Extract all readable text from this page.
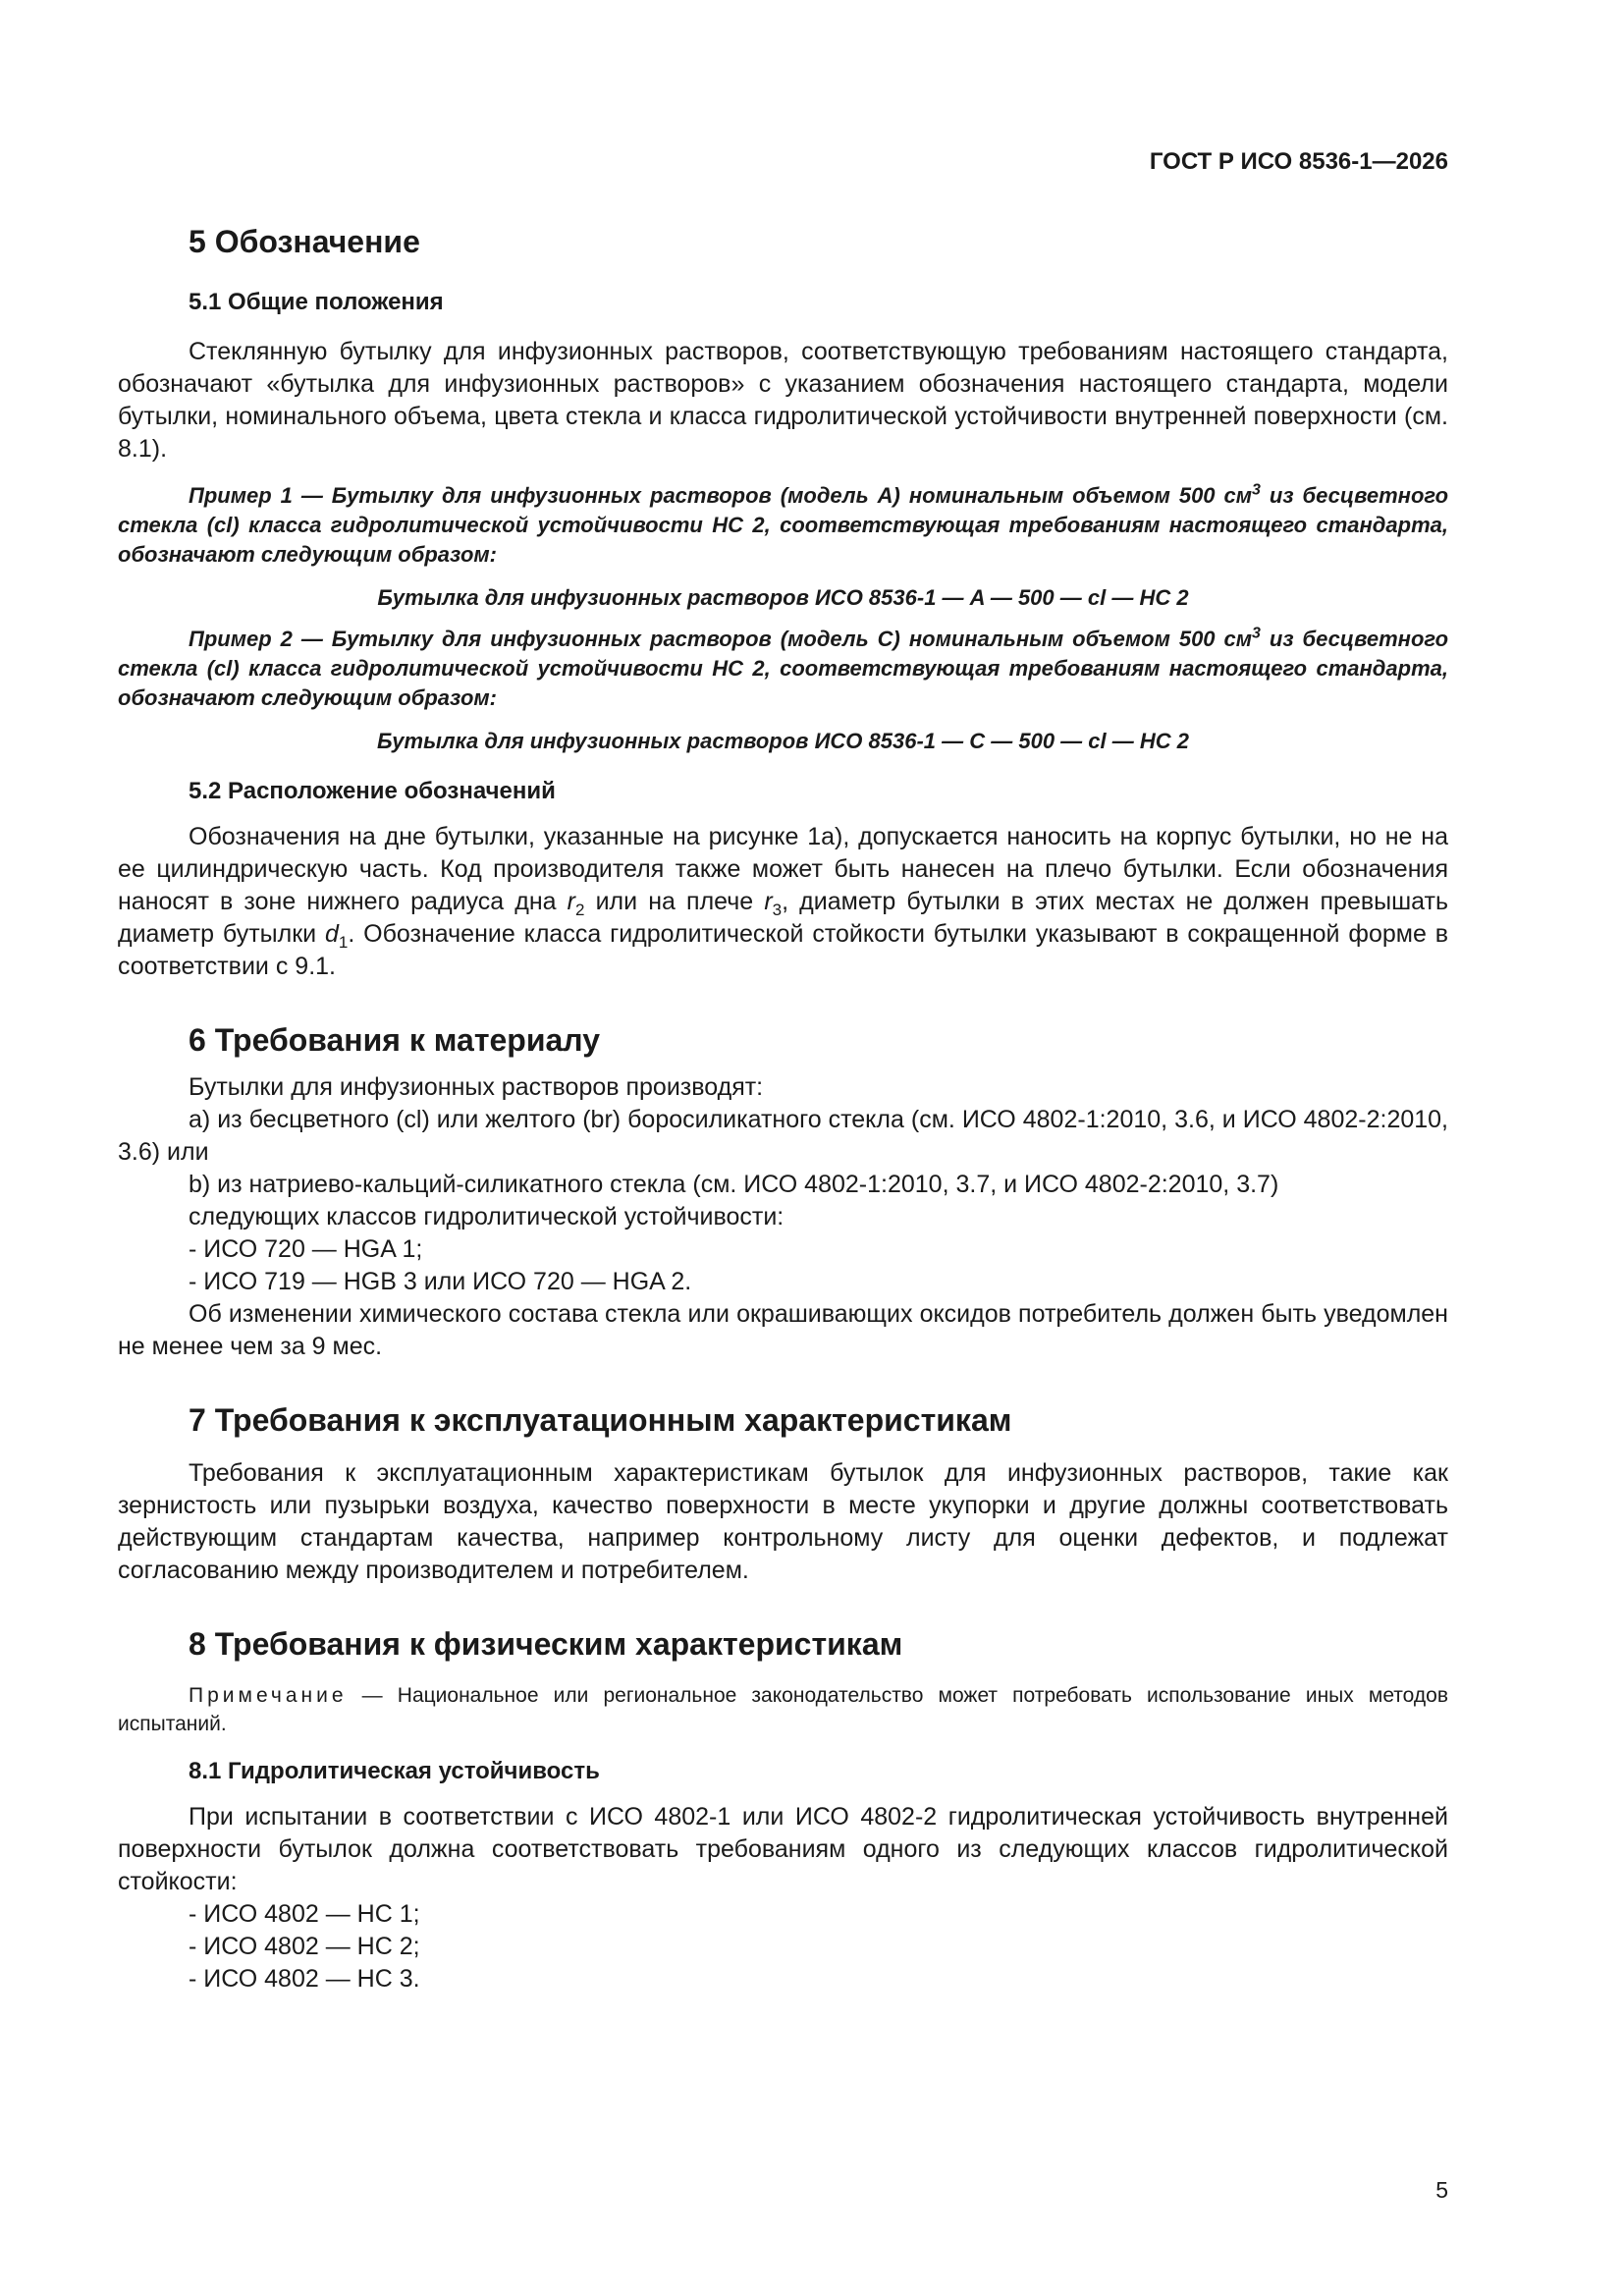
ГОСТ Р ИСО 8536-1—2026
5 Обозначение
5.1 Общие положения

Стеклянную бутылку для инфузионных растворов, соответствующую требованиям настоящего стандарта, обозначают «бутылка для инфузионных растворов» с указанием обозначения настоящего стандарта, модели бутылки, номинального объема, цвета стекла и класса гидролитической устойчивости внутренней поверхности (см. 8.1).

Пример 1 — Бутылку для инфузионных растворов (модель А) номинальным объемом 500 $см^3$ из бесцветного стекла (cl) класса гидролитической устойчивости HC 2, соответствующая требованиям настоящего стандарта, обозначают следующим образом:

Бутылка для инфузионных растворов ИСО 8536-1 — A — 500 — cl — HC 2

Пример 2 — Бутылку для инфузионных растворов (модель С) номинальным объемом 500 $см^3$ из бесцветного стекла (cl) класса гидролитической устойчивости HC 2, соответствующая требованиям настоящего стандарта, обозначают следующим образом:

Бутылка для инфузионных растворов ИСО 8536-1 — С — 500 — cl — HC 2

5.2 Расположение обозначений

Обозначения на дне бутылки, указанные на рисунке 1а), допускается наносить на корпус бутылки, но не на ее цилиндрическую часть. Код производителя также может быть нанесен на плечо бутылки. Если обозначения наносят в зоне нижнего радиуса дна $r_2$ или на плече $r_3$, диаметр бутылки в этих местах не должен превышать диаметр бутылки $d_1$. Обозначение класса гидролитической стойкости бутылки указывают в сокращенной форме в соответствии с 9.1.

6 Требования к материалу

Бутылки для инфузионных растворов производят:

а) из бесцветного (cl) или желтого (br) боросиликатного стекла (см. ИСО 4802-1:2010, 3.6, и ИСО 4802-2:2010, 3.6) или

b) из натриево-кальций-силикатного стекла (см. ИСО 4802-1:2010, 3.7, и ИСО 4802-2:2010, 3.7)

следующих классов гидролитической устойчивости:

- ИСО 720 — HGA 1;
- ИСО 719 — HGB 3 или ИСО 720 — HGA 2.

Об изменении химического состава стекла или окрашивающих оксидов потребитель должен быть уведомлен не менее чем за 9 мес.

7 Требования к эксплуатационным характеристикам

Требования к эксплуатационным характеристикам бутылок для инфузионных растворов, такие как зернистость или пузырьки воздуха, качество поверхности в месте укупорки и другие должны соответствовать действующим стандартам качества, например контрольному листу для оценки дефектов, и подлежат согласованию между производителем и потребителем.

8 Требования к физическим характеристикам

Примечание — Национальное или региональное законодательство может потребовать использование иных методов испытаний.

8.1 Гидролитическая устойчивость

При испытании в соответствии с ИСО 4802-1 или ИСО 4802-2 гидролитическая устойчивость внутренней поверхности бутылок должна соответствовать требованиям одного из следующих классов гидролитической стойкости:

- ИСО 4802 — HC 1;
- ИСО 4802 — HC 2;
- ИСО 4802 — HC 3.
5
